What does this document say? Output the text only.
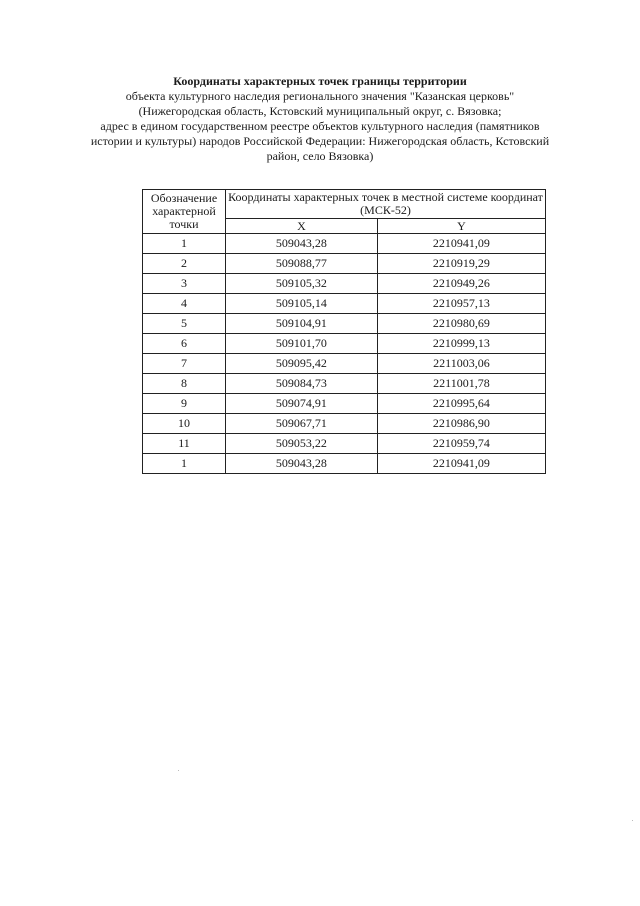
Координаты характерных точек границы территории
объекта культурного наследия регионального значения "Казанская церковь"
(Нижегородская область, Кстовский муниципальный округ, с. Вязовка;
адрес в едином государственном реестре объектов культурного наследия (памятников
истории и культуры) народов Российской Федерации: Нижегородская область, Кстовский
район, село Вязовка)
Обозначение характерной точки	Координаты характерных точек в местной системе координат (МСК-52)	
	X	Y
1	509043,28	2210941,09
2	509088,77	2210919,29
3	509105,32	2210949,26
4	509105,14	2210957,13
5	509104,91	2210980,69
6	509101,70	2210999,13
7	509095,42	2211003,06
8	509084,73	2211001,78
9	509074,91	2210995,64
10	509067,71	2210986,90
11	509053,22	2210959,74
1	509043,28	2210941,09
